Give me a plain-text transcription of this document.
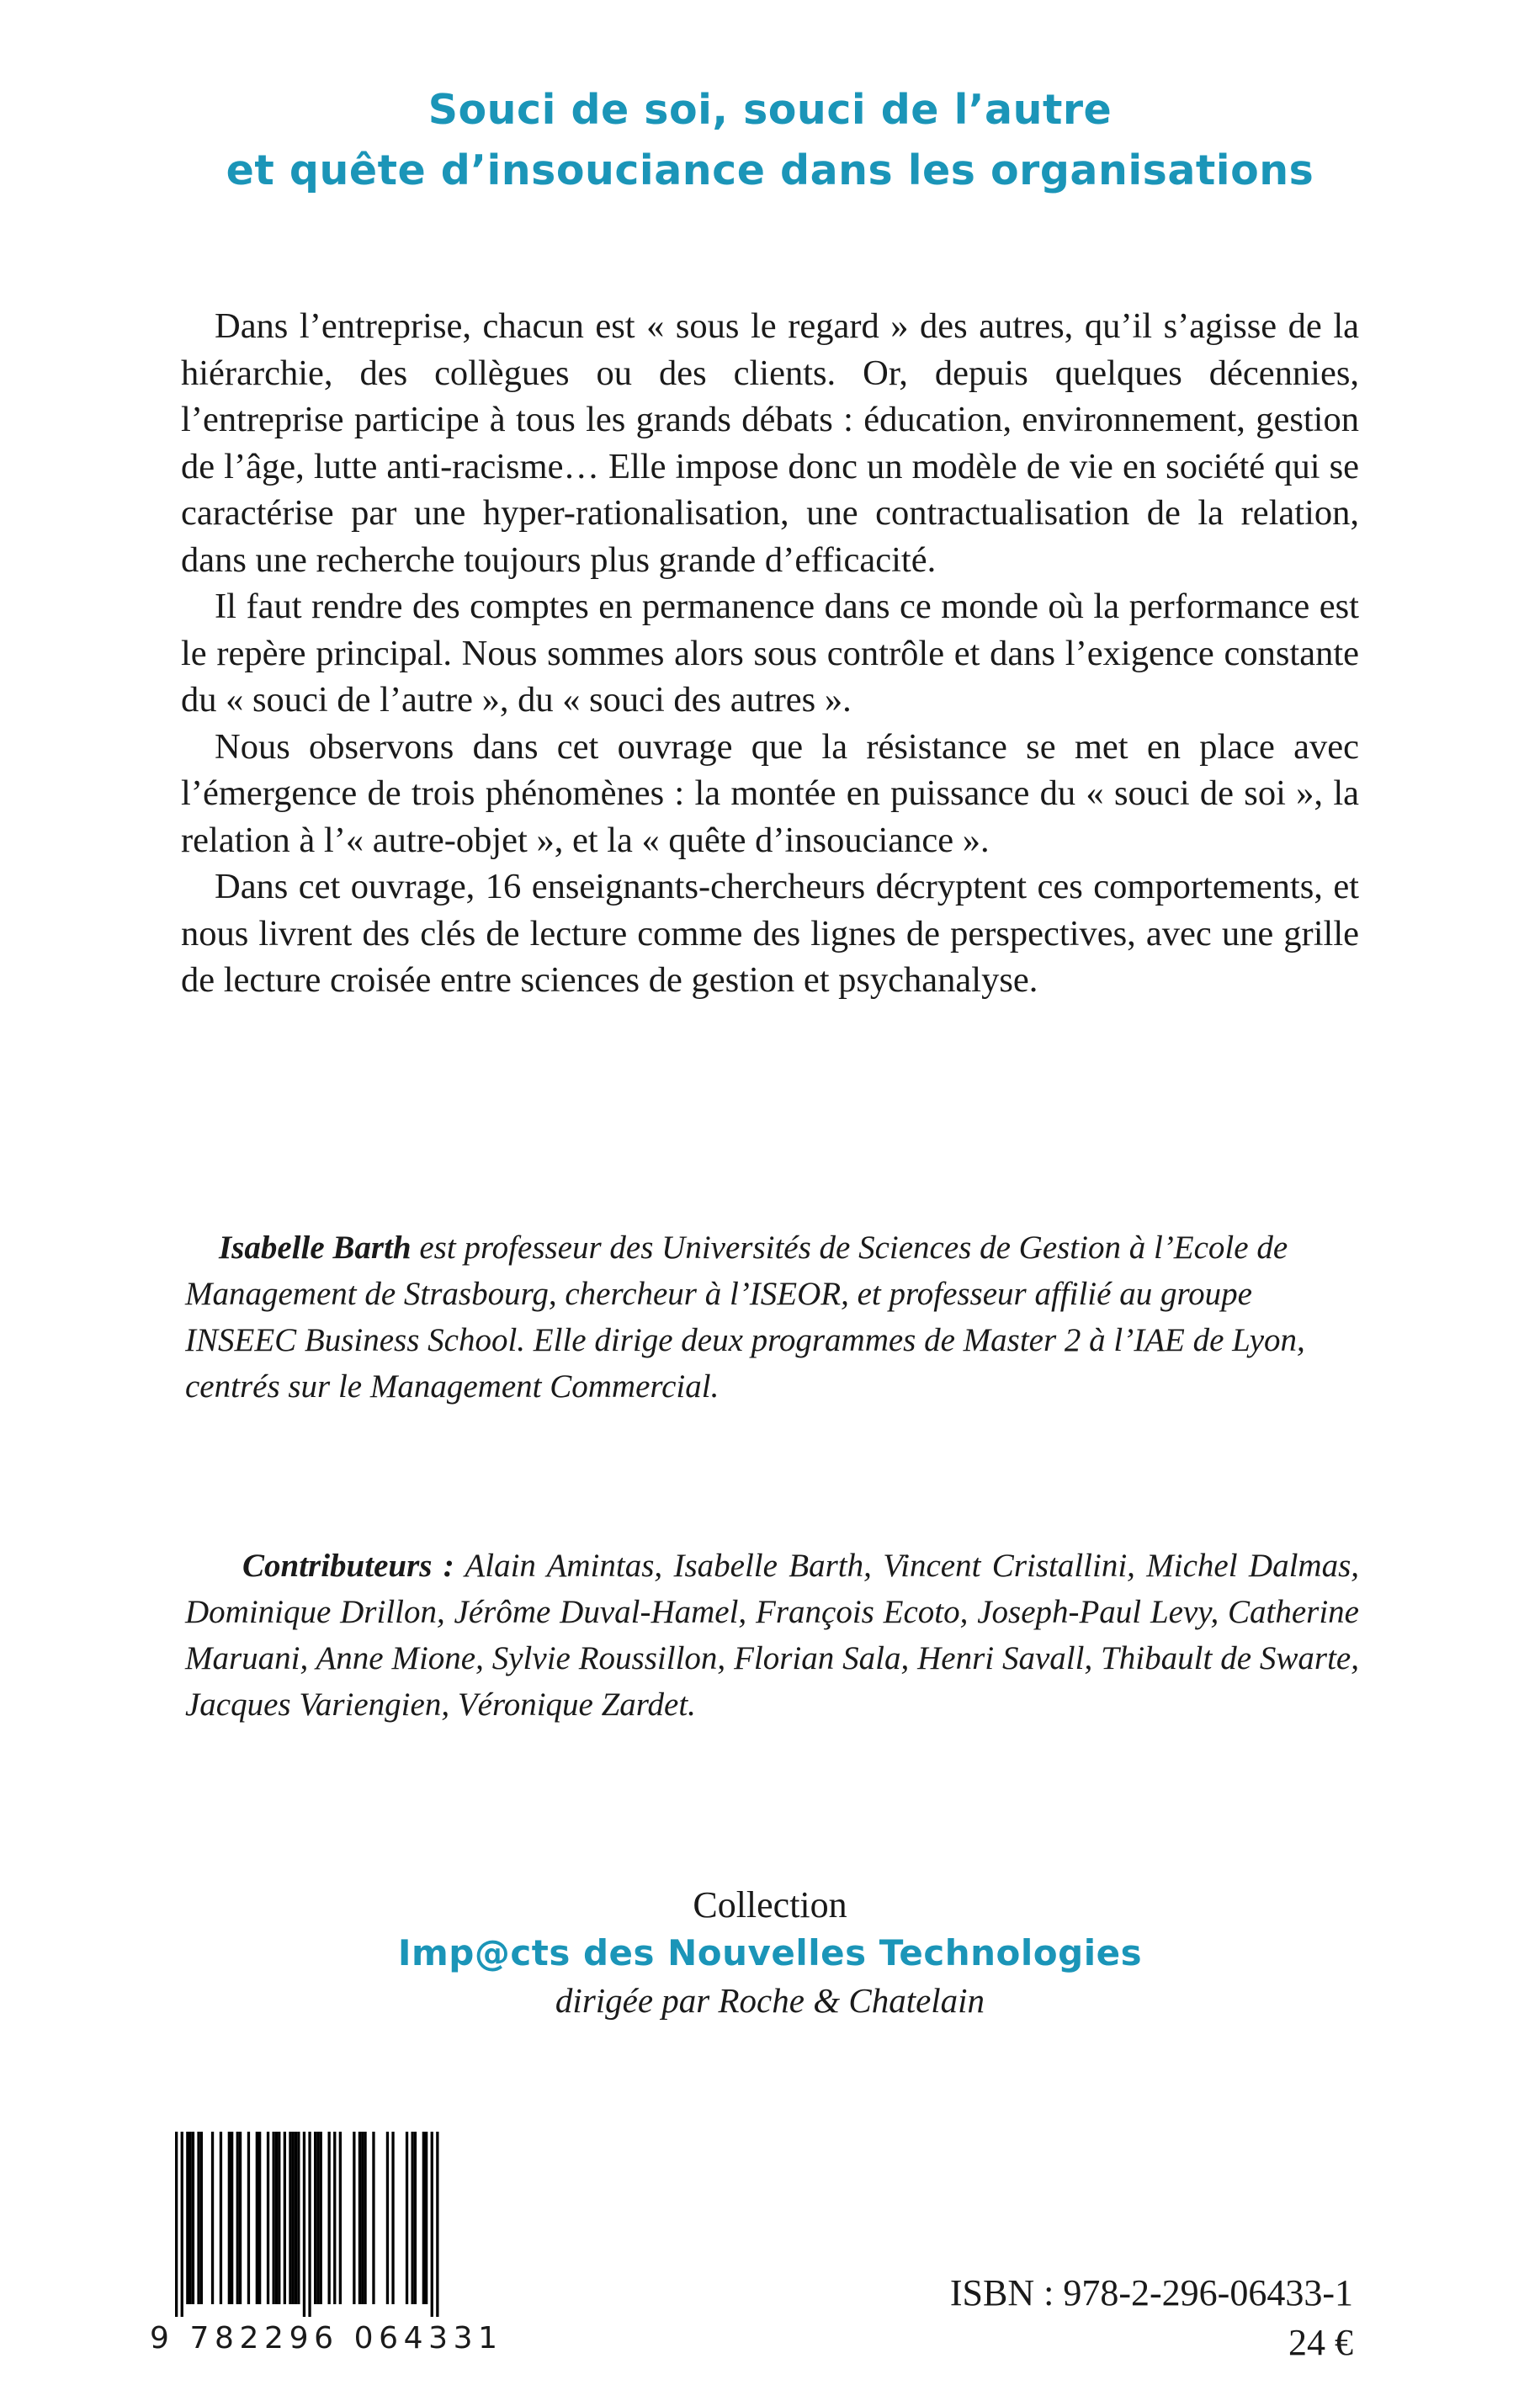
Souci de soi, souci de l’autre
et quête d’insouciance dans les organisations

Dans l’entreprise, chacun est « sous le regard » des autres, qu’il s’agisse de la hiérarchie, des collègues ou des clients. Or, depuis quelques décennies, l’entreprise participe à tous les grands débats : éducation, environnement, gestion de l’âge, lutte anti-racisme… Elle impose donc un modèle de vie en société qui se caractérise par une hyper-rationalisation, une contractualisation de la relation, dans une recherche toujours plus grande d’efficacité.

Il faut rendre des comptes en permanence dans ce monde où la performance est le repère principal. Nous sommes alors sous contrôle et dans l’exigence constante du « souci de l’autre », du « souci des autres ».

Nous observons dans cet ouvrage que la résistance se met en place avec l’émergence de trois phénomènes : la montée en puissance du « souci de soi », la relation à l’« autre-objet », et la « quête d’insouciance ».

Dans cet ouvrage, 16 enseignants-chercheurs décryptent ces comportements, et nous livrent des clés de lecture comme des lignes de perspectives, avec une grille de lecture croisée entre sciences de gestion et psychanalyse.

Isabelle Barth est professeur des Universités de Sciences de Gestion à l’Ecole de Management de Strasbourg, chercheur à l’ISEOR, et professeur affilié au groupe INSEEC Business School. Elle dirige deux programmes de Master 2 à l’IAE de Lyon, centrés sur le Management Commercial.

Contributeurs : Alain Amintas, Isabelle Barth, Vincent Cristallini, Michel Dalmas, Dominique Drillon, Jérôme Duval-Hamel, François Ecoto, Joseph-Paul Levy, Catherine Maruani, Anne Mione, Sylvie Roussillon, Florian Sala, Henri Savall, Thibault de Swarte, Jacques Variengien, Véronique Zardet.

Collection
Imp@cts des Nouvelles Technologies
dirigée par Roche & Chatelain
9 782296 064331
ISBN : 978-2-296-06433-1
24 €
